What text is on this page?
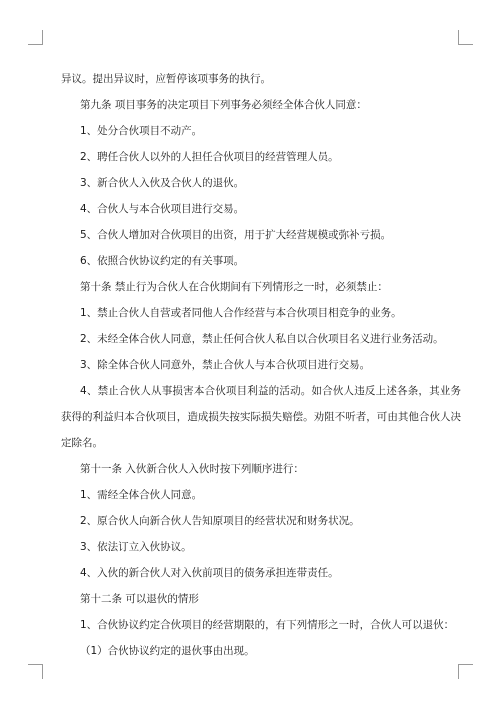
异议。提出异议时，应暂停该项事务的执行。

第九条 项目事务的决定项目下列事务必须经全体合伙人同意：

1、处分合伙项目不动产。

2、聘任合伙人以外的人担任合伙项目的经营管理人员。

3、新合伙人入伙及合伙人的退伙。

4、合伙人与本合伙项目进行交易。

5、合伙人增加对合伙项目的出资，用于扩大经营规模或弥补亏损。

6、依照合伙协议约定的有关事项。

第十条 禁止行为合伙人在合伙期间有下列情形之一时，必须禁止：

1、禁止合伙人自营或者同他人合作经营与本合伙项目相竞争的业务。

2、未经全体合伙人同意，禁止任何合伙人私自以合伙项目名义进行业务活动。

3、除全体合伙人同意外，禁止合伙人与本合伙项目进行交易。

4、禁止合伙人从事损害本合伙项目利益的活动。如合伙人违反上述各条，其业务获得的利益归本合伙项目，造成损失按实际损失赔偿。劝阻不听者，可由其他合伙人决定除名。

第十一条 入伙新合伙人入伙时按下列顺序进行：

1、需经全体合伙人同意。

2、原合伙人向新合伙人告知原项目的经营状况和财务状况。

3、依法订立入伙协议。

4、入伙的新合伙人对入伙前项目的债务承担连带责任。

第十二条 可以退伙的情形

1、合伙协议约定合伙项目的经营期限的，有下列情形之一时，合伙人可以退伙：

（1）合伙协议约定的退伙事由出现。
